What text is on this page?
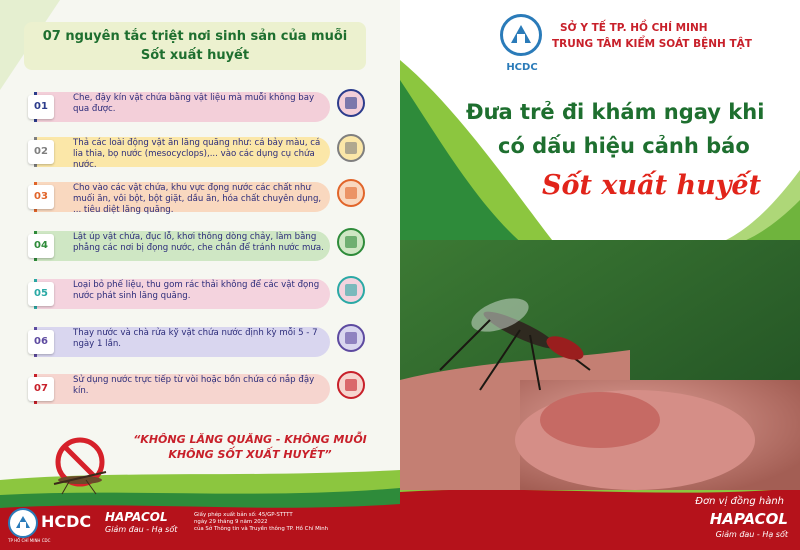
07 nguyên tắc triệt nơi sinh sản của muỗi
Sốt xuất huyết
01
Che, đậy kín vật chứa bằng vật liệu mà muỗi không bay qua được.
02
Thả các loài động vật ăn lăng quăng như: cá bảy màu, cá lia thia, bọ nước (mesocyclops),... vào các dụng cụ chứa nước.
03
Cho vào các vật chứa, khu vực đọng nước các chất như muối ăn, vôi bột, bột giặt, dầu ăn, hóa chất chuyên dụng, ... tiêu diệt lăng quăng.
04
Lật úp vật chứa, đục lỗ, khơi thông dòng chảy, làm bằng phẳng các nơi bị đọng nước, che chắn để tránh nước mưa.
05
Loại bỏ phế liệu, thu gom rác thải không để các vật đọng nước phát sinh lăng quăng.
06
Thay nước và chà rửa kỹ vật chứa nước định kỳ mỗi 5 - 7 ngày 1 lần.
07
Sử dụng nước trực tiếp từ vòi hoặc bồn chứa có nắp đậy kín.
“KHÔNG LĂNG QUĂNG - KHÔNG MUỖI
KHÔNG SỐT XUẤT HUYẾT”
HCDC
TP HỒ CHÍ MINH CDC
HAPACOL
Giảm đau - Hạ sốt
Giấy phép xuất bản số: 45/GP-STTTT
ngày 29 tháng 9 năm 2022
của Sở Thông tin và Truyền thông TP. Hồ Chí Minh
HCDC
SỞ Y TẾ TP. HỒ CHÍ MINH
TRUNG TÂM KIỂM SOÁT BỆNH TẬT
Đưa trẻ đi khám ngay khi
có dấu hiệu cảnh báo
Sốt xuất huyết
Đơn vị đồng hành
HAPACOL
Giảm đau - Hạ sốt
